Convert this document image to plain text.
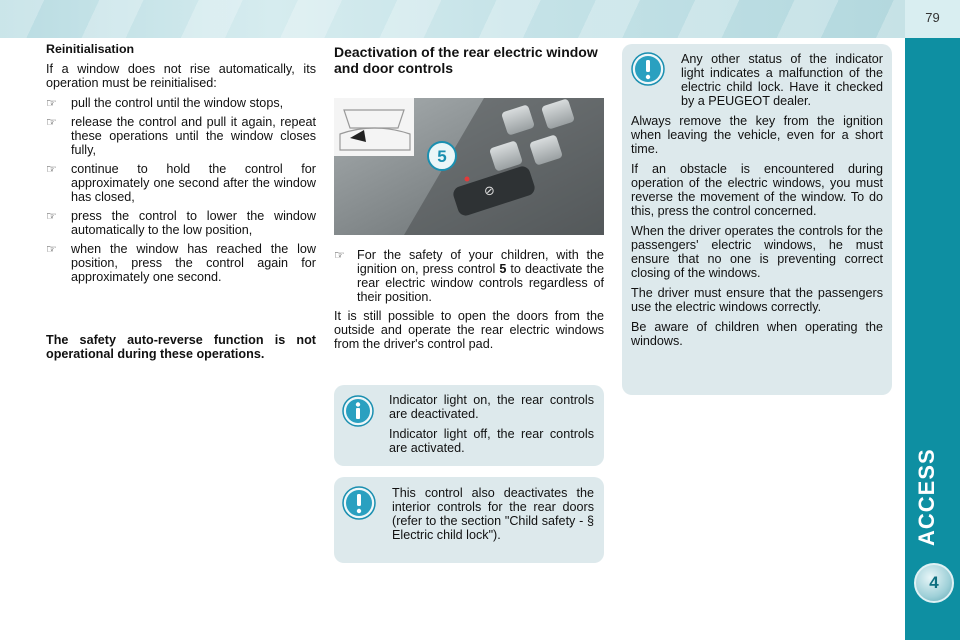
79
ACCESS
4
Reinitialisation

If a window does not rise automatically, its operation must be reinitialised:

☞ pull the control until the window stops,
☞ release the control and pull it again, repeat these operations until the window closes fully,
☞ continue to hold the control for approximately one second after the window has closed,
☞ press the control to lower the window automatically to the low position,
☞ when the window has reached the low position, press the control again for approximately one second.
The safety auto-reverse function is not operational during these operations.
Deactivation of the rear electric window and door controls
⊘
5
☞ For the safety of your children, with the ignition on, press control 5 to deactivate the rear electric window controls regardless of their position.

It is still possible to open the doors from the outside and operate the rear electric windows from the driver's control pad.

Indicator light on, the rear controls are deactivated.

Indicator light off, the rear controls are activated.

This control also deactivates the interior controls for the rear doors (refer to the section "Child safety - § Electric child lock").

Any other status of the indicator light indicates a malfunction of the electric child lock. Have it checked by a PEUGEOT dealer.

Always remove the key from the ignition when leaving the vehicle, even for a short time.

If an obstacle is encountered during operation of the electric windows, you must reverse the movement of the window. To do this, press the control concerned.

When the driver operates the controls for the passengers' electric windows, he must ensure that no one is preventing correct closing of the windows.

The driver must ensure that the passengers use the electric windows correctly.

Be aware of children when operating the windows.
